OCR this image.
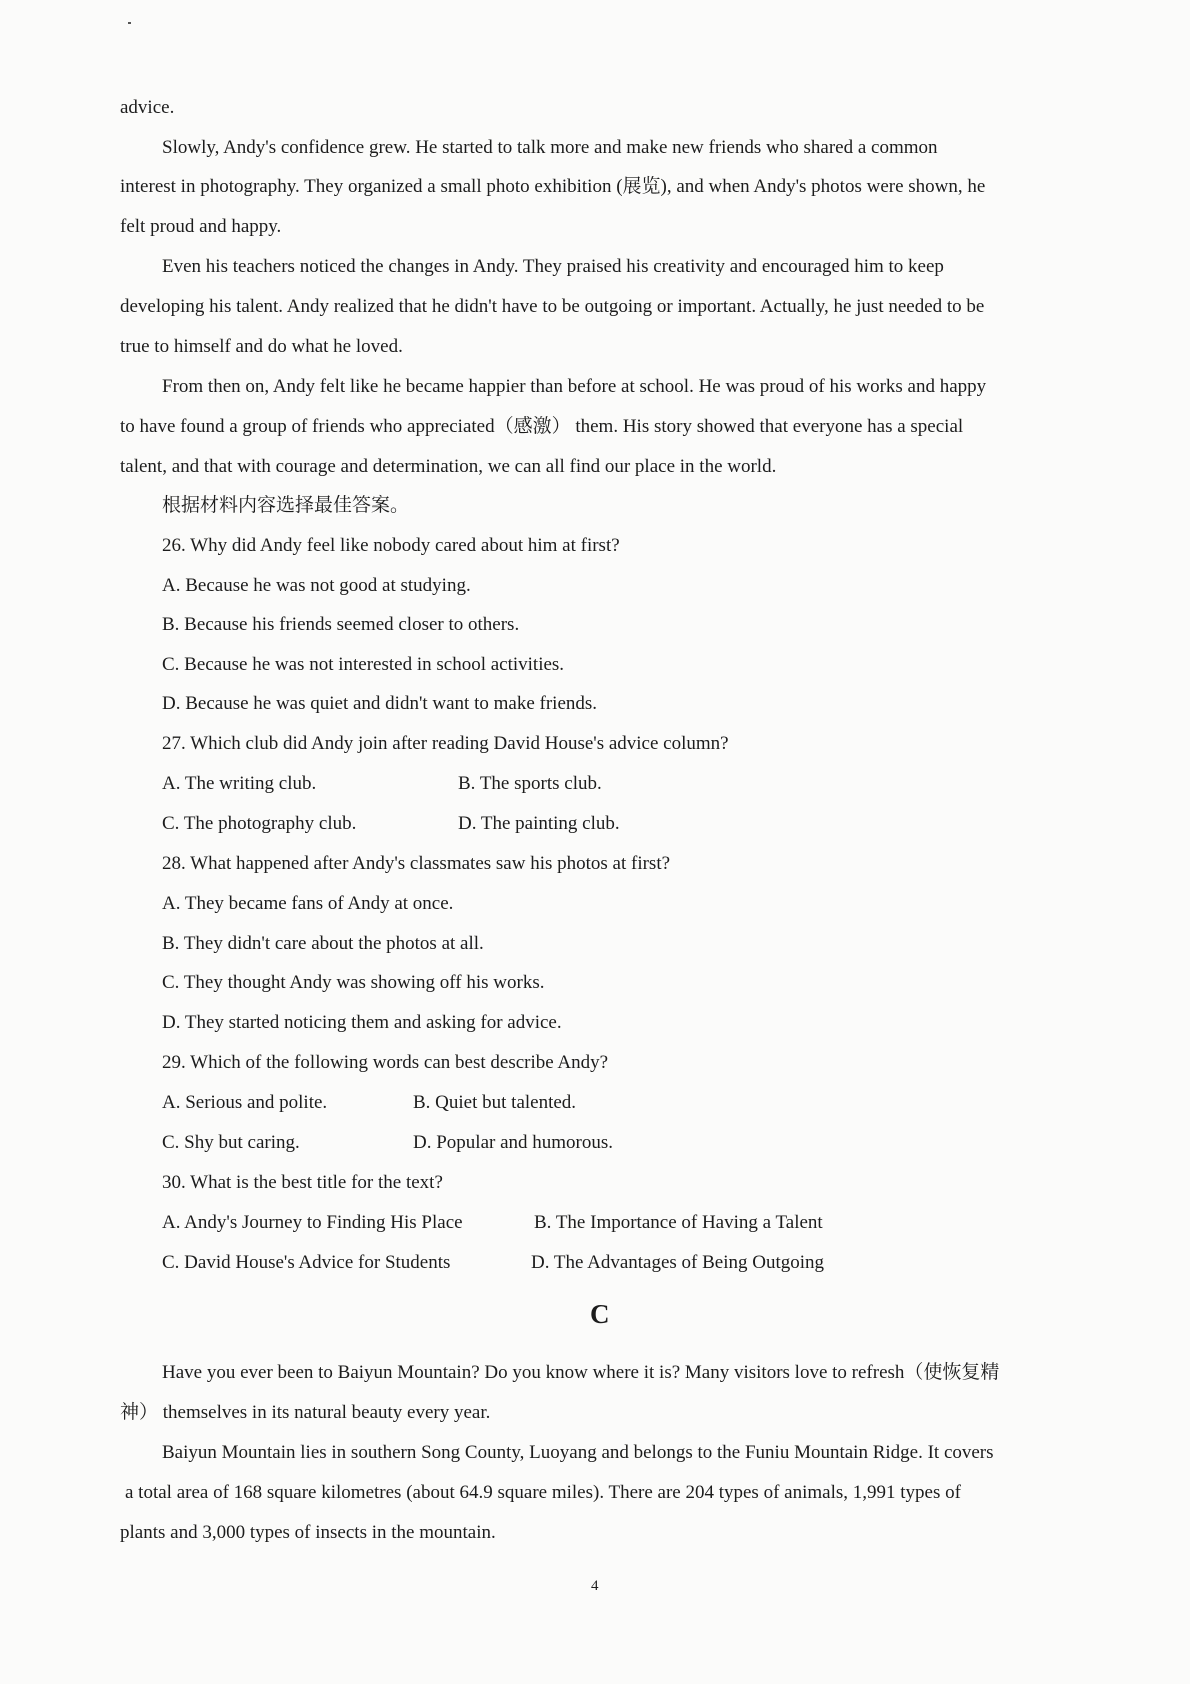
advice.
Slowly, Andy's confidence grew. He started to talk more and make new friends who shared a common
interest in photography. They organized a small photo exhibition (展览), and when Andy's photos were shown, he
felt proud and happy.
Even his teachers noticed the changes in Andy. They praised his creativity and encouraged him to keep
developing his talent. Andy realized that he didn't have to be outgoing or important. Actually, he just needed to be
true to himself and do what he loved.
From then on, Andy felt like he became happier than before at school. He was proud of his works and happy
to have found a group of friends who appreciated（感激） them. His story showed that everyone has a special
talent, and that with courage and determination, we can all find our place in the world.
根据材料内容选择最佳答案。
26. Why did Andy feel like nobody cared about him at first?
A. Because he was not good at studying.
B. Because his friends seemed closer to others.
C. Because he was not interested in school activities.
D. Because he was quiet and didn't want to make friends.
27. Which club did Andy join after reading David House's advice column?
A. The writing club.	B. The sports club.
C. The photography club.	D. The painting club.
28. What happened after Andy's classmates saw his photos at first?
A. They became fans of Andy at once.
B. They didn't care about the photos at all.
C. They thought Andy was showing off his works.
D. They started noticing them and asking for advice.
29. Which of the following words can best describe Andy?
A. Serious and polite.	B. Quiet but talented.
C. Shy but caring.	D. Popular and humorous.
30. What is the best title for the text?
A. Andy's Journey to Finding His Place	B. The Importance of Having a Talent
C. David House's Advice for Students	D. The Advantages of Being Outgoing
C
Have you ever been to Baiyun Mountain? Do you know where it is? Many visitors love to refresh（使恢复精
神） themselves in its natural beauty every year.
Baiyun Mountain lies in southern Song County, Luoyang and belongs to the Funiu Mountain Ridge. It covers
a total area of 168 square kilometres (about 64.9 square miles). There are 204 types of animals, 1,991 types of
plants and 3,000 types of insects in the mountain.
4
